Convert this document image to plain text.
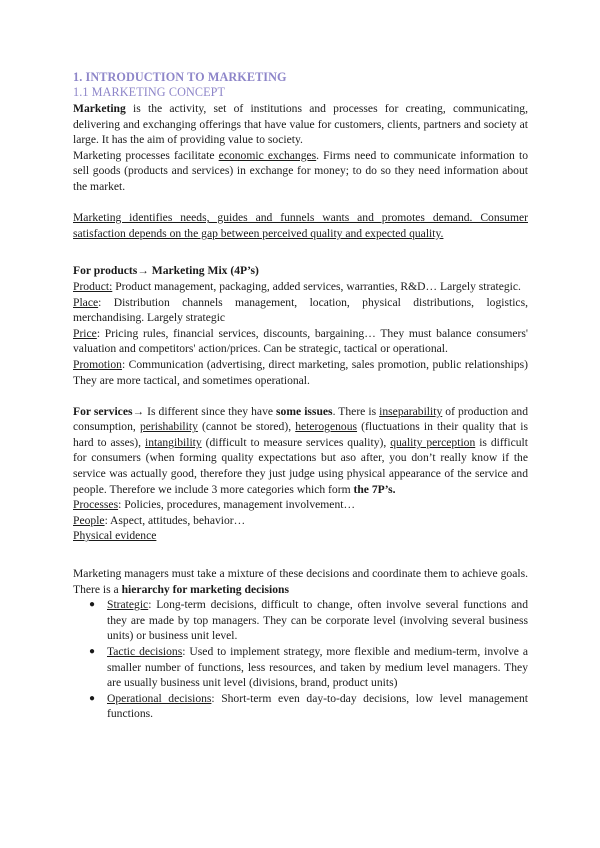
1. INTRODUCTION TO MARKETING
1.1 MARKETING CONCEPT

Marketing is the activity, set of institutions and processes for creating, communicating, delivering and exchanging offerings that have value for customers, clients, partners and society at large. It has the aim of providing value to society.

Marketing processes facilitate economic exchanges. Firms need to communicate information to sell goods (products and services) in exchange for money; to do so they need information about the market.

Marketing identifies needs, guides and funnels wants and promotes demand. Consumer satisfaction depends on the gap between perceived quality and expected quality.

For products→ Marketing Mix (4P’s)

Product: Product management, packaging, added services, warranties, R&D… Largely strategic.

Place: Distribution channels management, location, physical distributions, logistics, merchandising. Largely strategic

Price: Pricing rules, financial services, discounts, bargaining… They must balance consumers' valuation and competitors' action/prices. Can be strategic, tactical or operational.

Promotion: Communication (advertising, direct marketing, sales promotion, public relationships) They are more tactical, and sometimes operational.

For services→ Is different since they have some issues. There is inseparability of production and consumption, perishability (cannot be stored), heterogenous (fluctuations in their quality that is hard to asses), intangibility (difficult to measure services quality), quality perception is difficult for consumers (when forming quality expectations but aso after, you don’t really know if the service was actually good, therefore they just judge using physical appearance of the service and people. Therefore we include 3 more categories which form the 7P’s.

Processes: Policies, procedures, management involvement…

People: Aspect, attitudes, behavior…

Physical evidence

Marketing managers must take a mixture of these decisions and coordinate them to achieve goals. There is a hierarchy for marketing decisions

● Strategic: Long-term decisions, difficult to change, often involve several functions and they are made by top managers. They can be corporate level (involving several business units) or business unit level.
● Tactic decisions: Used to implement strategy, more flexible and medium-term, involve a smaller number of functions, less resources, and taken by medium level managers. They are usually business unit level (divisions, brand, product units)
● Operational decisions: Short-term even day-to-day decisions, low level management functions.
